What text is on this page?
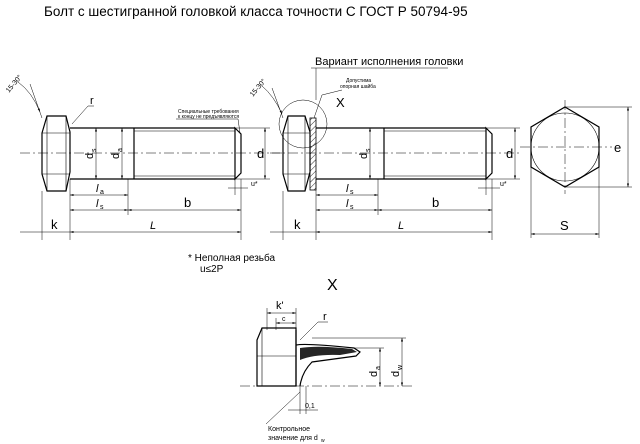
Болт с шестигранной головкой класса точности С ГОСТ Р 50794-95
15-30°
r
Специальные требования
к концу не предъявляются
k	L
b
d
u*
d
s
d
a
l a
l s
Вариант исполнения головки
15-30°	Допустима
опорная шайба
X
k	L
b
d
u*
d
s
l s
l s
e
S
* Неполная резьба
u≤2P
X
k'
c	r
d
a
d
w
0,1
Контрольное
значение для d w
